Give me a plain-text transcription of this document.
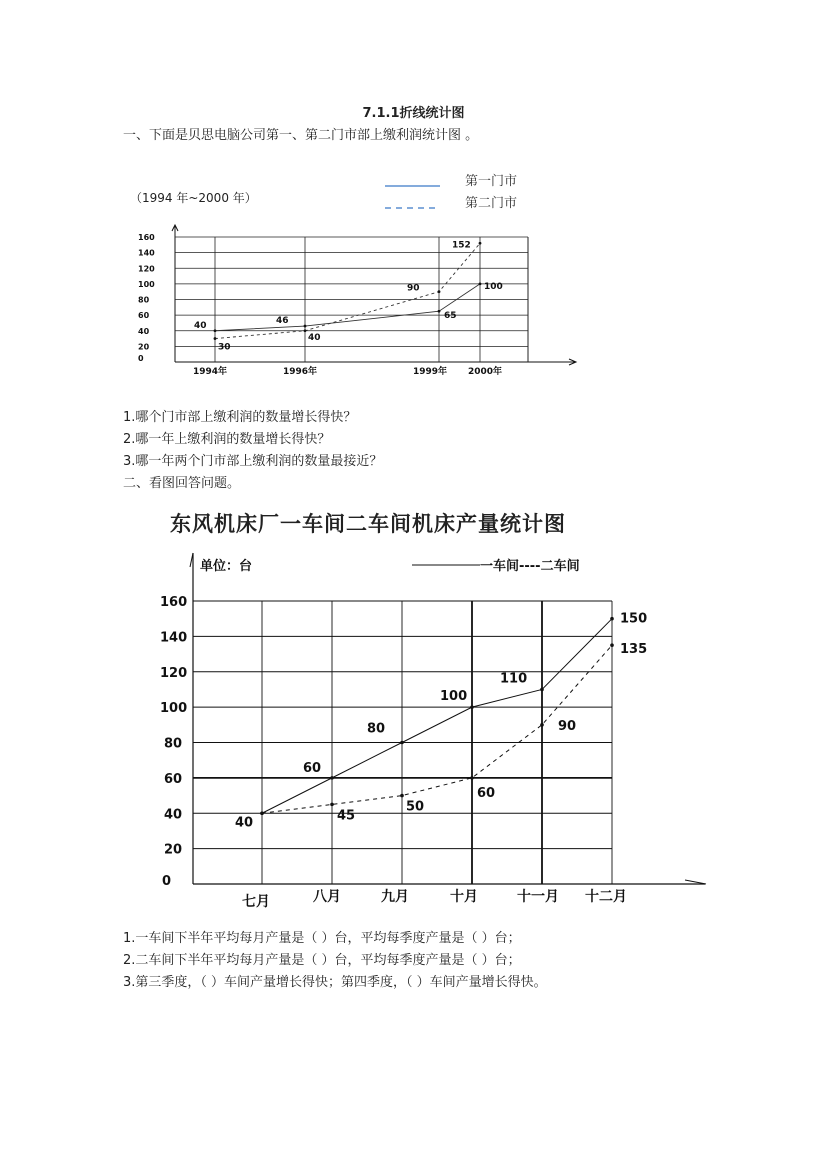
7.1.1折线统计图
一、下面是贝思电脑公司第一、第二门市部上缴利润统计图 。
（1994 年~2000 年）
第一门市
第二门市
0
20
40
60
80
100
120
140
160
1994年	1996年	1999年 2000年
40
30
46
40
90
65
152
100
1.哪个门市部上缴利润的数量增长得快？
2.哪一年上缴利润的数量增长得快？
3.哪一年两个门市部上缴利润的数量最接近？
二、看图回答问题。
东风机床厂一车间二车间机床产量统计图
单位：台	一车间----二车间
0
20
40
60
80
100
120
140
160
七月	八月	九月	十月	十一月 十二月
40
60
80
100
110
150
45
50
60
90
135
1.一车间下半年平均每月产量是（ ）台，平均每季度产量是（ ）台；
2.二车间下半年平均每月产量是（ ）台，平均每季度产量是（ ）台；
3.第三季度，（ ）车间产量增长得快；第四季度，（ ）车间产量增长得快。
